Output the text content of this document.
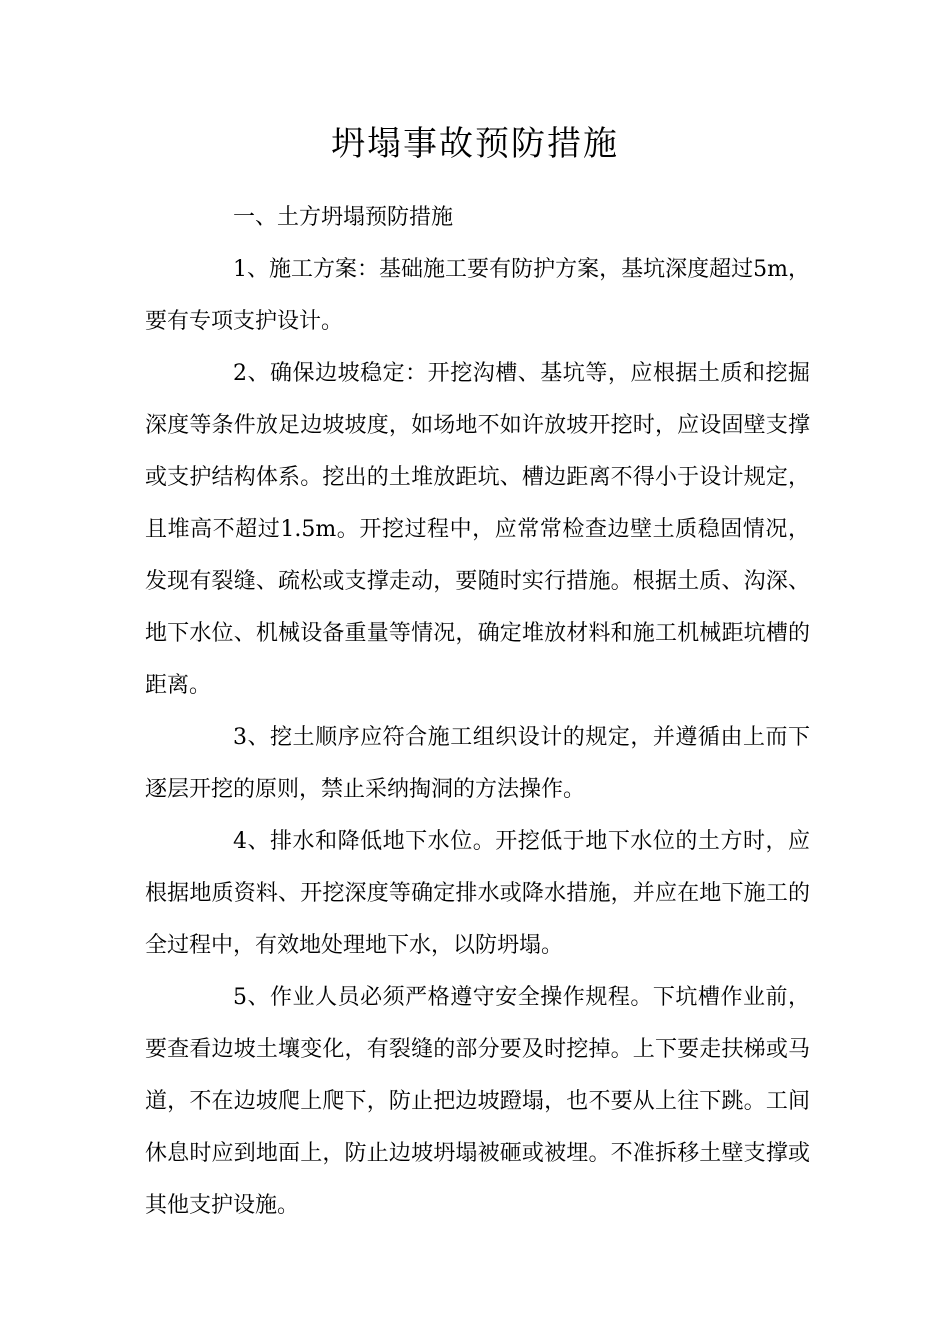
坍塌事故预防措施

一、土方坍塌预防措施

1、施工方案：基础施工要有防护方案，基坑深度超过5m，要有专项支护设计。

2、确保边坡稳定：开挖沟槽、基坑等，应根据土质和挖掘深度等条件放足边坡坡度，如场地不如许放坡开挖时，应设固壁支撑或支护结构体系。挖出的土堆放距坑、槽边距离不得小于设计规定，且堆高不超过1.5m。开挖过程中，应常常检查边壁土质稳固情况，发现有裂缝、疏松或支撑走动，要随时实行措施。根据土质、沟深、地下水位、机械设备重量等情况，确定堆放材料和施工机械距坑槽的距离。

3、挖土顺序应符合施工组织设计的规定，并遵循由上而下逐层开挖的原则，禁止采纳掏洞的方法操作。

4、排水和降低地下水位。开挖低于地下水位的土方时，应根据地质资料、开挖深度等确定排水或降水措施，并应在地下施工的全过程中，有效地处理地下水，以防坍塌。

5、作业人员必须严格遵守安全操作规程。下坑槽作业前，要查看边坡土壤变化，有裂缝的部分要及时挖掉。上下要走扶梯或马道，不在边坡爬上爬下，防止把边坡蹬塌，也不要从上往下跳。工间休息时应到地面上，防止边坡坍塌被砸或被埋。不准拆移土壁支撑或其他支护设施。
